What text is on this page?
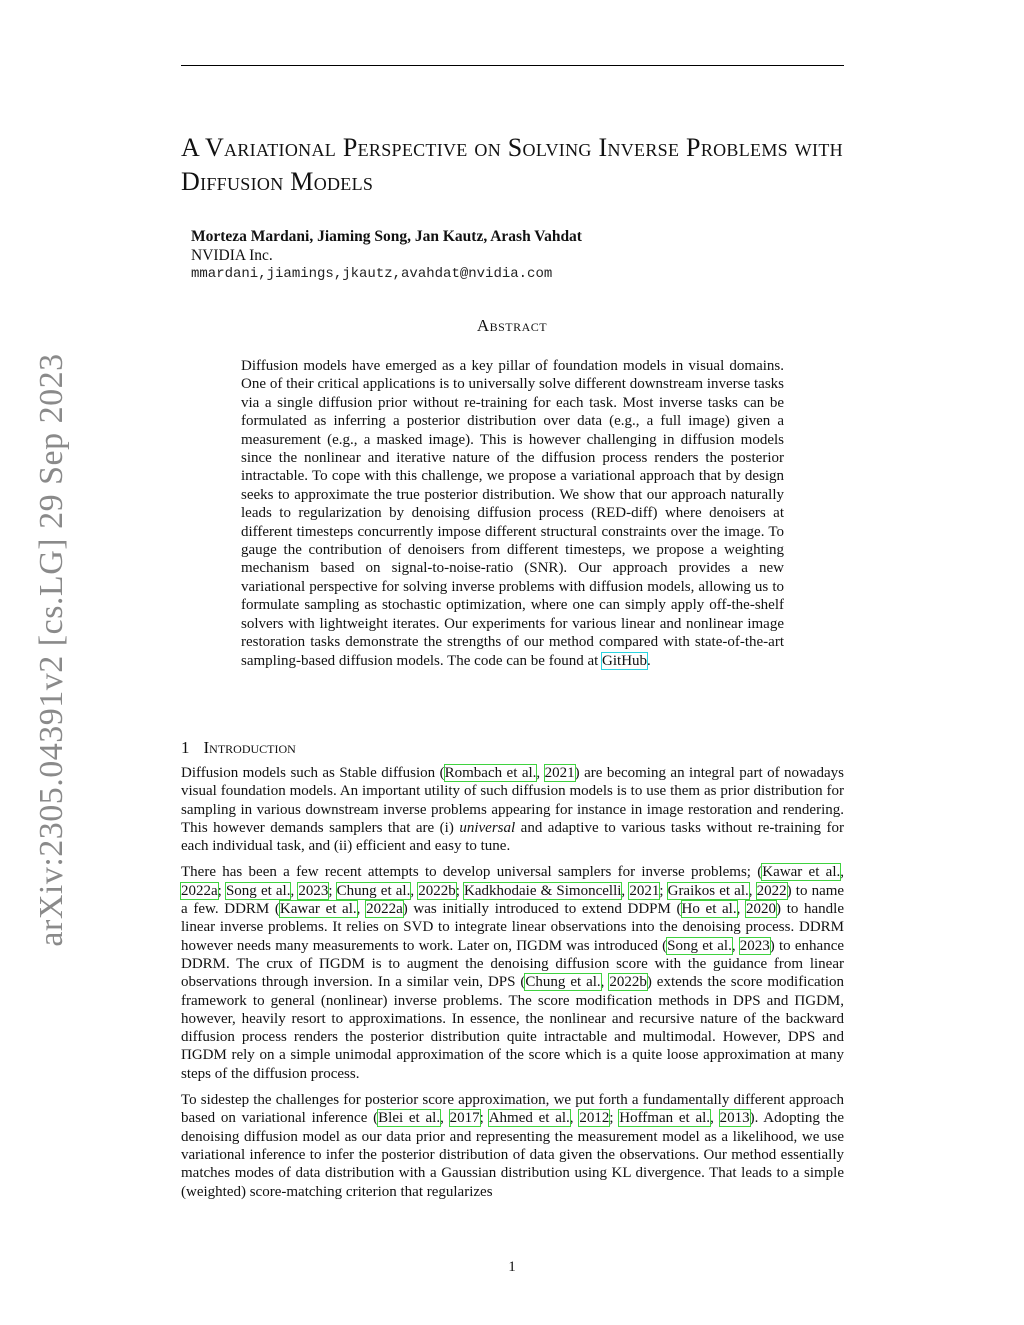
arXiv:2305.04391v2 [cs.LG] 29 Sep 2023
A Variational Perspective on Solving Inverse Problems with Diffusion Models
Morteza Mardani, Jiaming Song, Jan Kautz, Arash Vahdat
NVIDIA Inc.
mmardani,jiamings,jkautz,avahdat@nvidia.com
Abstract
Diffusion models have emerged as a key pillar of foundation models in visual domains. One of their critical applications is to universally solve different downstream inverse tasks via a single diffusion prior without re-training for each task. Most inverse tasks can be formulated as inferring a posterior distribution over data (e.g., a full image) given a measurement (e.g., a masked image). This is however challenging in diffusion models since the nonlinear and iterative nature of the diffusion process renders the posterior intractable. To cope with this challenge, we propose a variational approach that by design seeks to approximate the true posterior distribution. We show that our approach naturally leads to regularization by denoising diffusion process (RED-diff) where denoisers at different timesteps concurrently impose different structural constraints over the image. To gauge the contribution of denoisers from different timesteps, we propose a weighting mechanism based on signal-to-noise-ratio (SNR). Our approach provides a new variational perspective for solving inverse problems with diffusion models, allowing us to formulate sampling as stochastic optimization, where one can simply apply off-the-shelf solvers with lightweight iterates. Our experiments for various linear and nonlinear image restoration tasks demonstrate the strengths of our method compared with state-of-the-art sampling-based diffusion models. The code can be found at GitHub.
1 Introduction

Diffusion models such as Stable diffusion (Rombach et al., 2021) are becoming an integral part of nowadays visual foundation models. An important utility of such diffusion models is to use them as prior distribution for sampling in various downstream inverse problems appearing for instance in image restoration and rendering. This however demands samplers that are (i) universal and adaptive to various tasks without re-training for each individual task, and (ii) efficient and easy to tune.

There has been a few recent attempts to develop universal samplers for inverse problems; (Kawar et al., 2022a; Song et al., 2023; Chung et al., 2022b; Kadkhodaie & Simoncelli, 2021; Graikos et al., 2022) to name a few. DDRM (Kawar et al., 2022a) was initially introduced to extend DDPM (Ho et al., 2020) to handle linear inverse problems. It relies on SVD to integrate linear observations into the denoising process. DDRM however needs many measurements to work. Later on, ΠGDM was introduced (Song et al., 2023) to enhance DDRM. The crux of ΠGDM is to augment the denoising diffusion score with the guidance from linear observations through inversion. In a similar vein, DPS (Chung et al., 2022b) extends the score modification framework to general (nonlinear) inverse problems. The score modification methods in DPS and ΠGDM, however, heavily resort to approximations. In essence, the nonlinear and recursive nature of the backward diffusion process renders the posterior distribution quite intractable and multimodal. However, DPS and ΠGDM rely on a simple unimodal approximation of the score which is a quite loose approximation at many steps of the diffusion process.

To sidestep the challenges for posterior score approximation, we put forth a fundamentally different approach based on variational inference (Blei et al., 2017; Ahmed et al., 2012; Hoffman et al., 2013). Adopting the denoising diffusion model as our data prior and representing the measurement model as a likelihood, we use variational inference to infer the posterior distribution of data given the observations. Our method essentially matches modes of data distribution with a Gaussian distribution using KL divergence. That leads to a simple (weighted) score-matching criterion that regularizes

1
